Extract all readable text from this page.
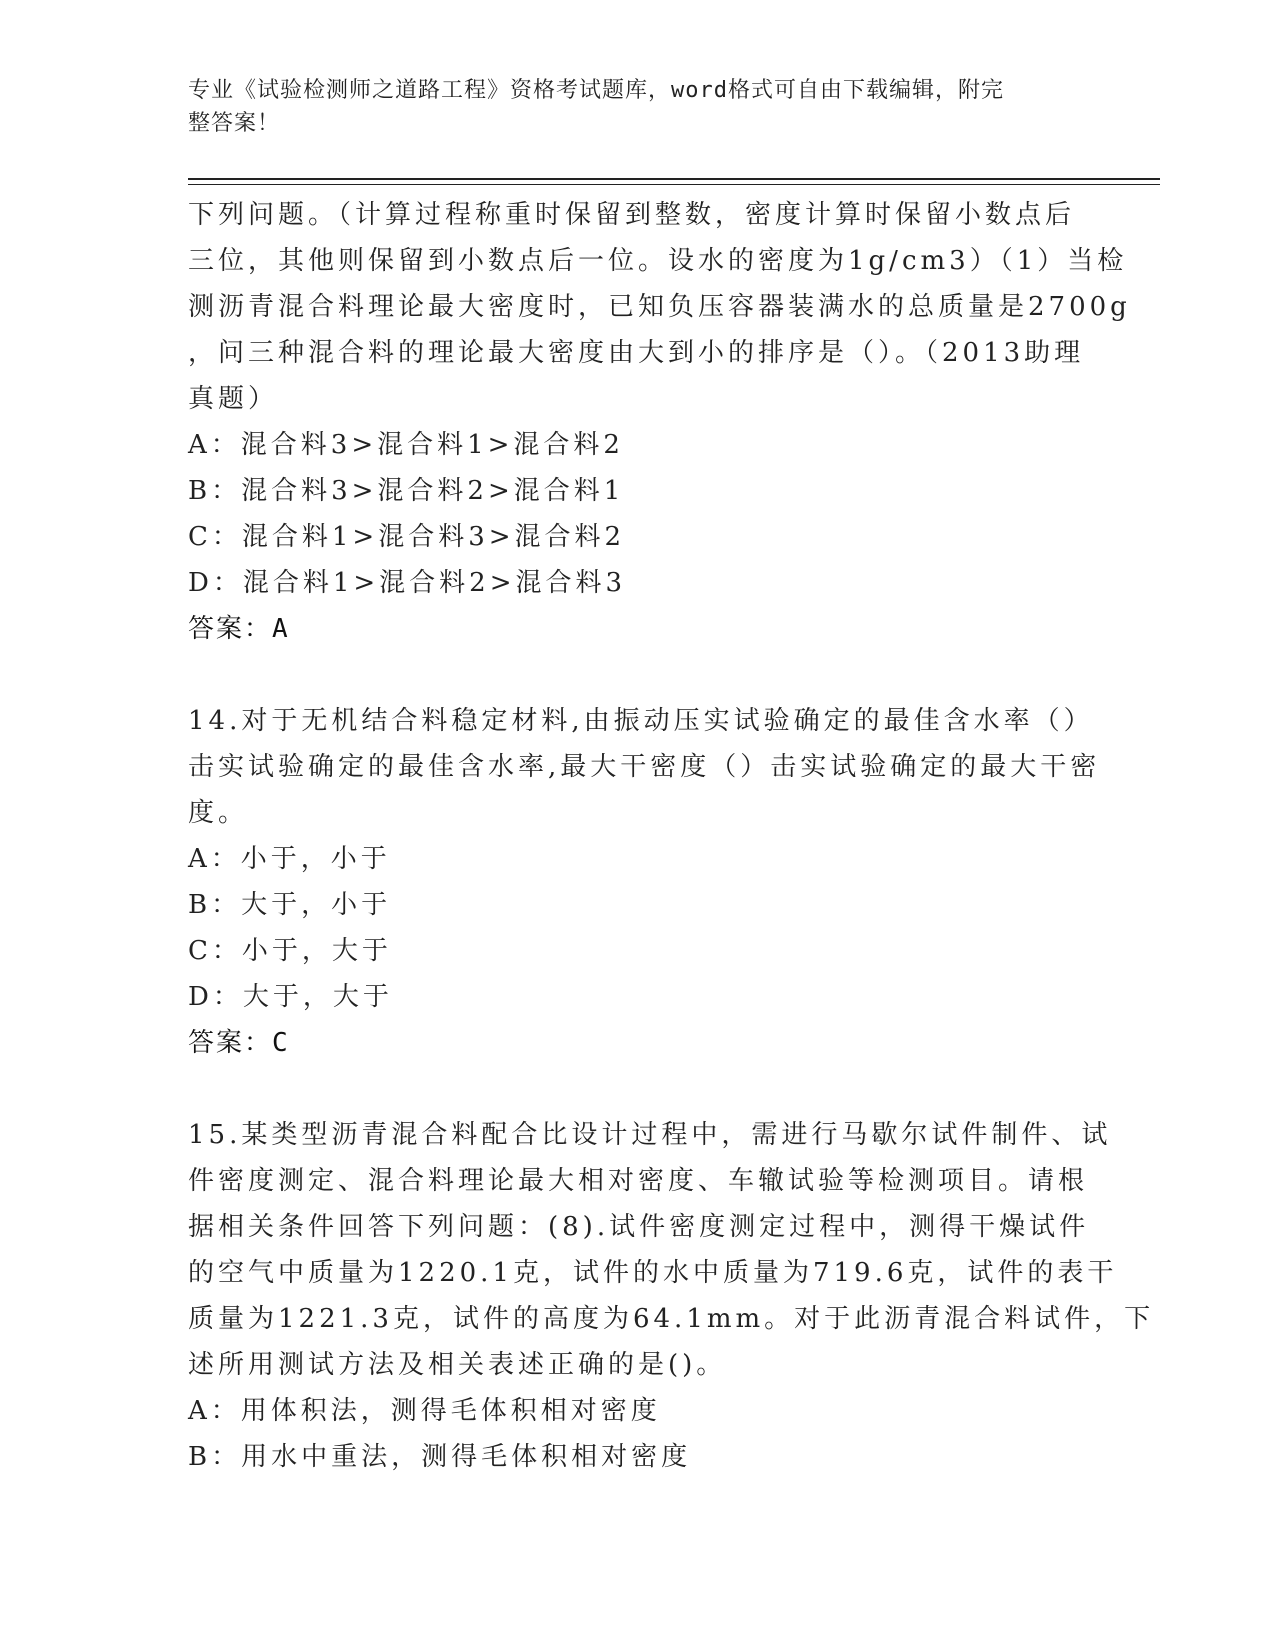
专业《试验检测师之道路工程》资格考试题库，word格式可自由下载编辑，附完
整答案！
下列问题。（计算过程称重时保留到整数，密度计算时保留小数点后
三位，其他则保留到小数点后一位。设水的密度为1g/cm3）（1）当检
测沥青混合料理论最大密度时，已知负压容器装满水的总质量是2700g
，问三种混合料的理论最大密度由大到小的排序是（）。（2013助理
真题）
A：混合料3>混合料1>混合料2
B：混合料3>混合料2>混合料1
C：混合料1>混合料3>混合料2
D：混合料1>混合料2>混合料3
答案：A
14.对于无机结合料稳定材料,由振动压实试验确定的最佳含水率（）
击实试验确定的最佳含水率,最大干密度（）击实试验确定的最大干密
度。
A：小于，小于
B：大于，小于
C：小于，大于
D：大于，大于
答案：C
15.某类型沥青混合料配合比设计过程中，需进行马歇尔试件制件、试
件密度测定、混合料理论最大相对密度、车辙试验等检测项目。请根
据相关条件回答下列问题：(8).试件密度测定过程中，测得干燥试件
的空气中质量为1220.1克，试件的水中质量为719.6克，试件的表干
质量为1221.3克，试件的高度为64.1mm。对于此沥青混合料试件，下
述所用测试方法及相关表述正确的是()。
A：用体积法，测得毛体积相对密度
B：用水中重法，测得毛体积相对密度
